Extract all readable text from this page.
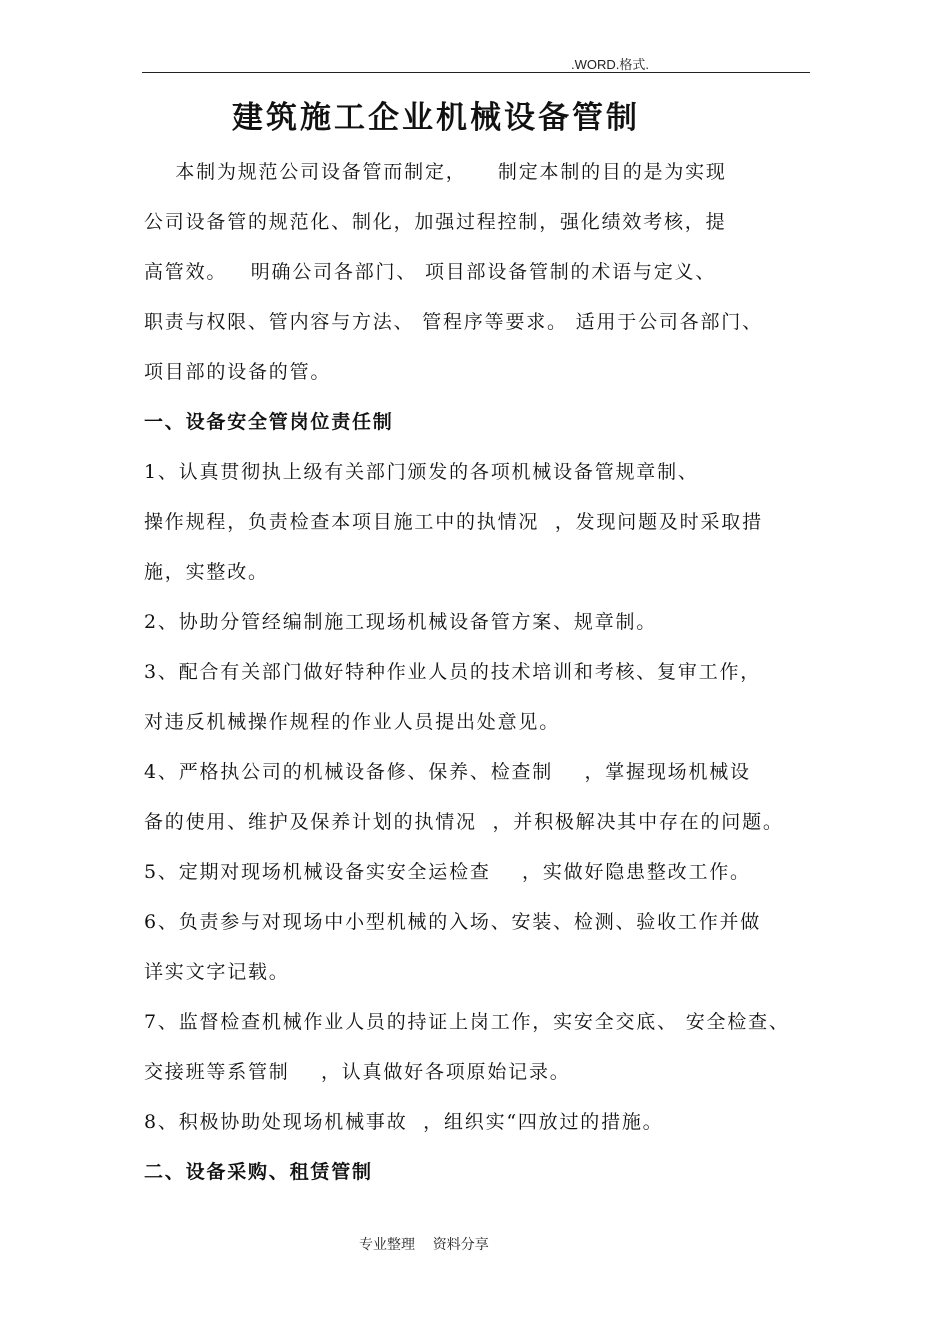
.WORD.格式.
建筑施工企业机械设备管制
本制为规范公司设备管而制定，    制定本制的目的是为实现
公司设备管的规范化、制化，加强过程控制，强化绩效考核，提
高管效。   明确公司各部门、 项目部设备管制的术语与定义、
职责与权限、管内容与方法、 管程序等要求。 适用于公司各部门、
项目部的设备的管。
一、设备安全管岗位责任制
1、认真贯彻执上级有关部门颁发的各项机械设备管规章制、
操作规程，负责检查本项目施工中的执情况  ，发现问题及时采取措
施，实整改。
2、协助分管经编制施工现场机械设备管方案、规章制。
3、配合有关部门做好特种作业人员的技术培训和考核、复审工作，
对违反机械操作规程的作业人员提出处意见。
4、严格执公司的机械设备修、保养、检查制    ，掌握现场机械设
备的使用、维护及保养计划的执情况  ，并积极解决其中存在的问题。
5、定期对现场机械设备实安全运检查    ，实做好隐患整改工作。
6、负责参与对现场中小型机械的入场、安装、检测、验收工作并做
详实文字记载。
7、监督检查机械作业人员的持证上岗工作，实安全交底、 安全检查、
交接班等系管制    ，认真做好各项原始记录。
8、积极协助处现场机械事故  ，组织实“四放过的措施。
二、设备采购、租赁管制
专业整理    资料分享
